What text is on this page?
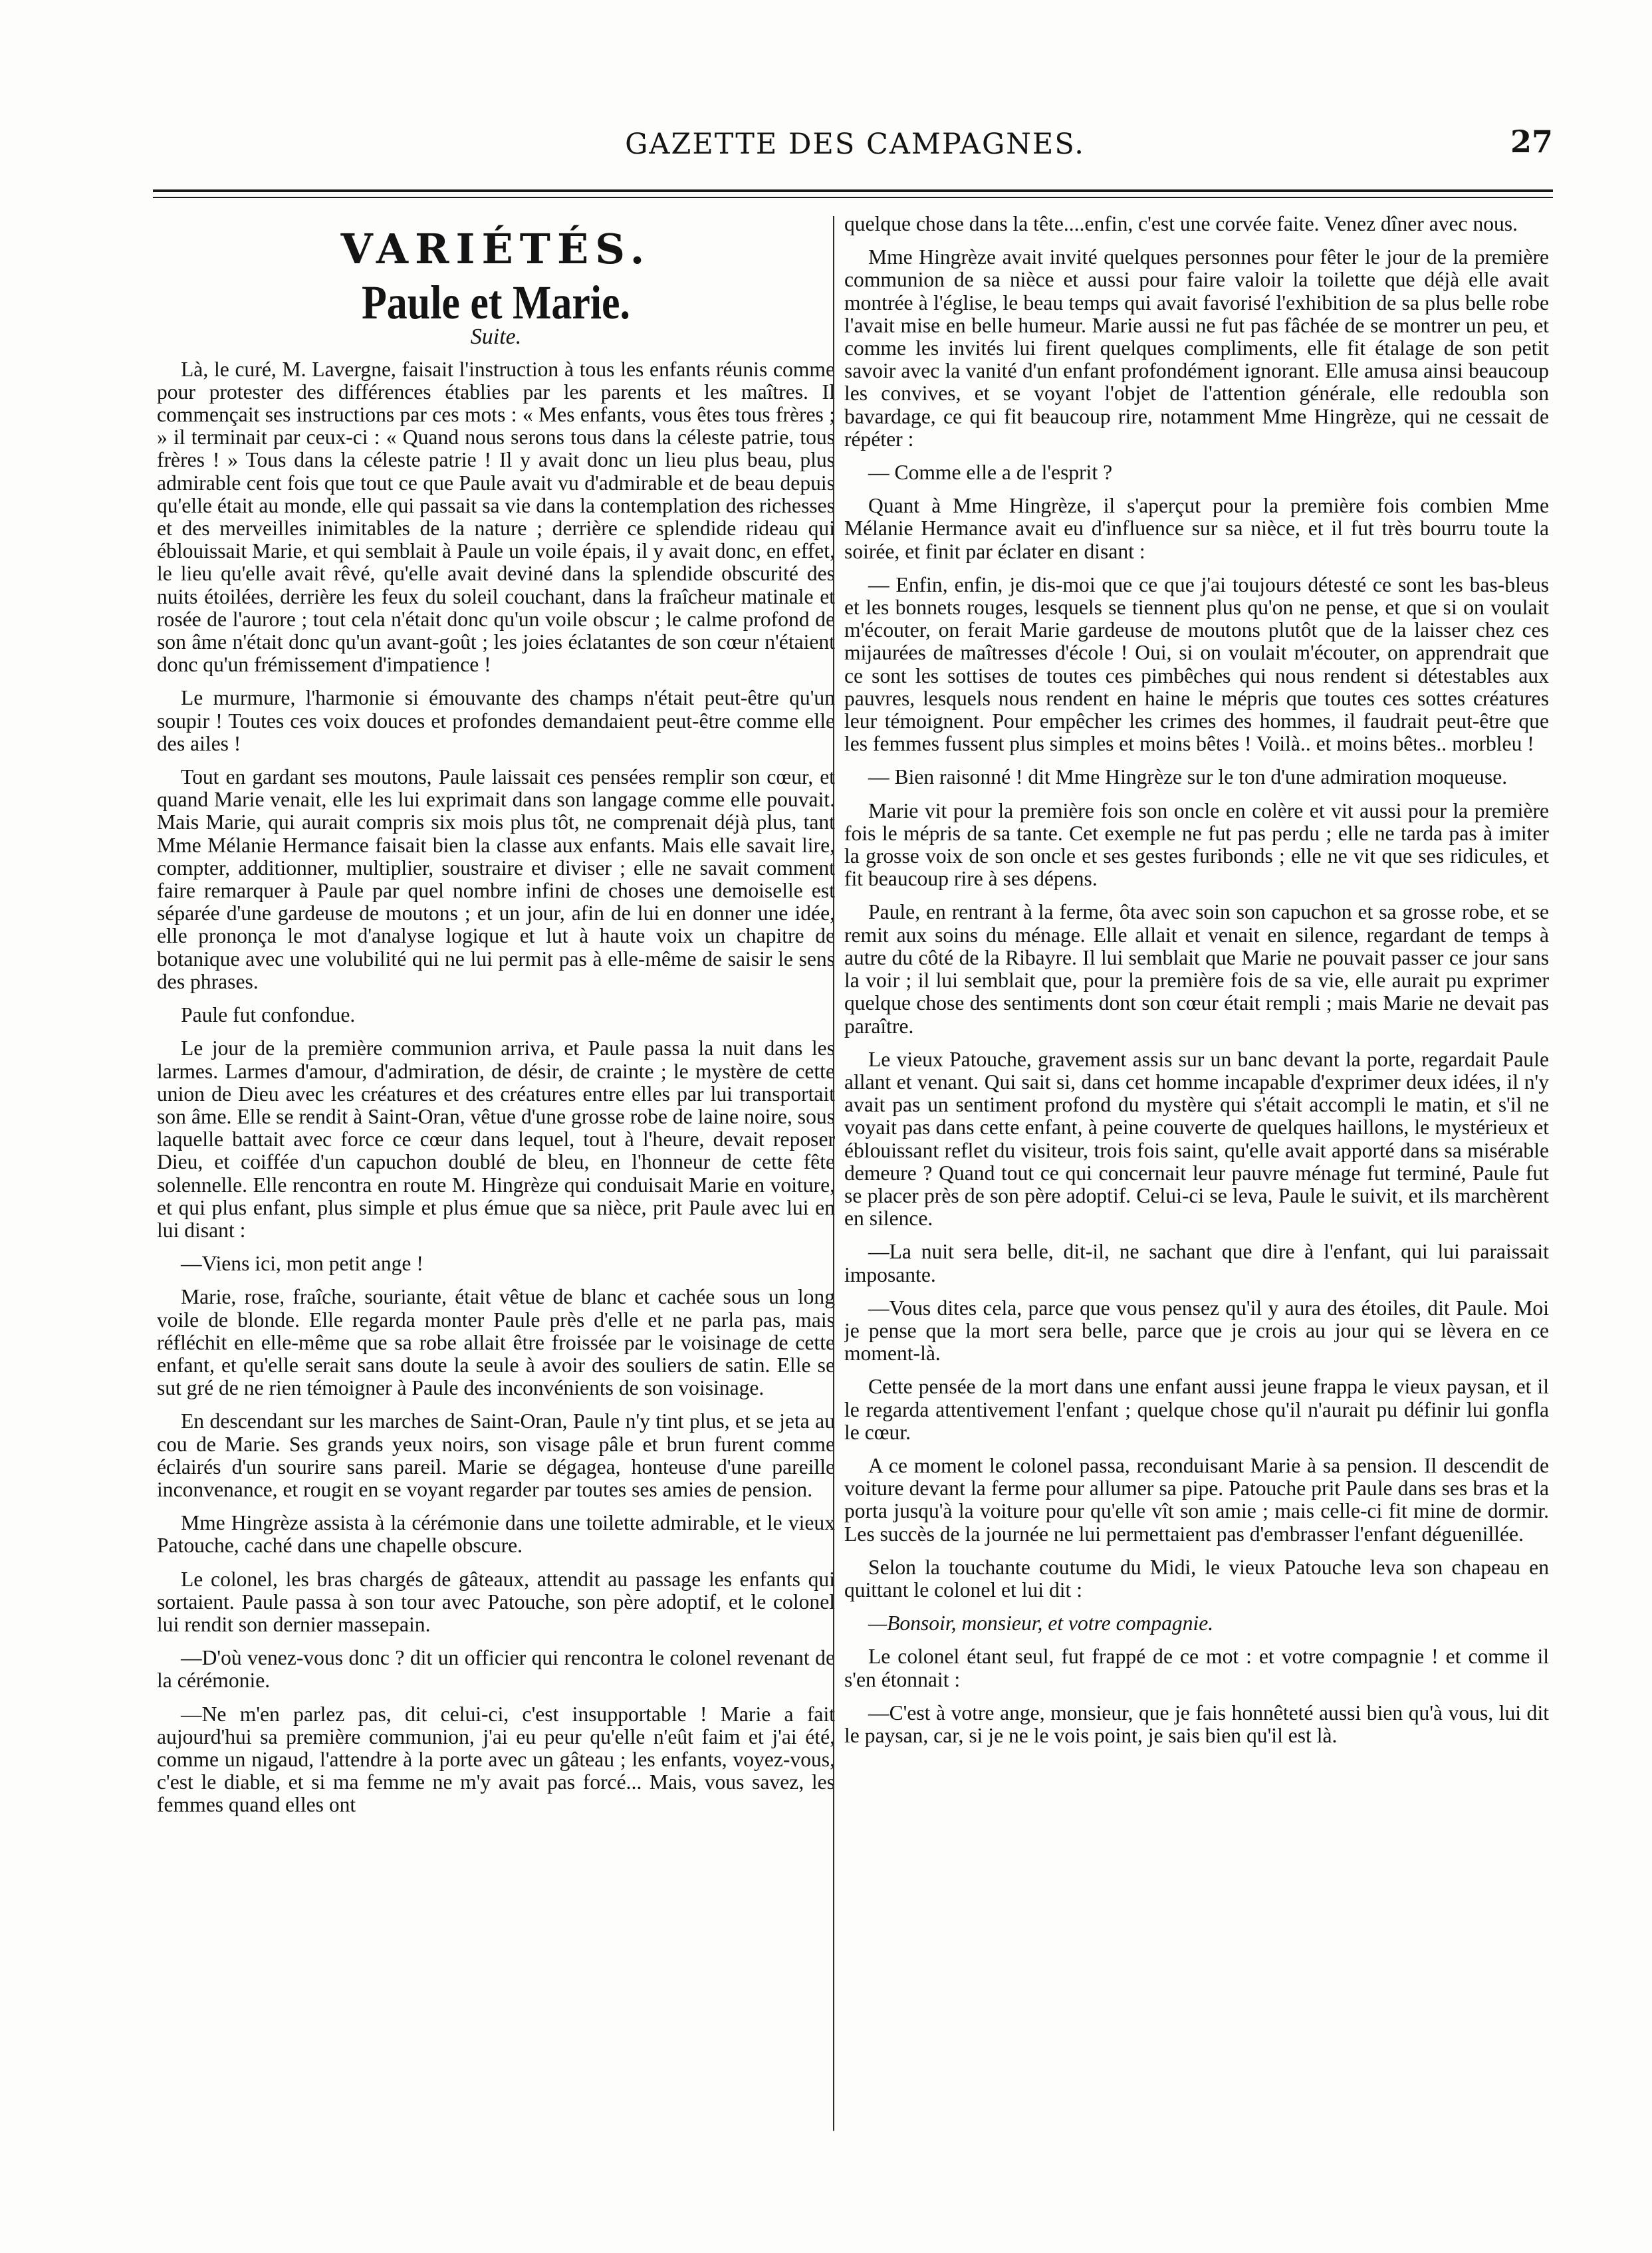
GAZETTE DES CAMPAGNES.	27
VARIÉTÉS.
Paule et Marie.
Suite.

Là, le curé, M. Lavergne, faisait l'instruction à tous les enfants réunis comme pour protester des différences établies par les parents et les maîtres. Il commençait ses instructions par ces mots : « Mes enfants, vous êtes tous frères ; » il terminait par ceux-ci : « Quand nous serons tous dans la céleste patrie, tous frères ! » Tous dans la céleste patrie ! Il y avait donc un lieu plus beau, plus admirable cent fois que tout ce que Paule avait vu d'admirable et de beau depuis qu'elle était au monde, elle qui passait sa vie dans la contemplation des richesses et des merveilles inimitables de la nature ; derrière ce splendide rideau qui éblouissait Marie, et qui semblait à Paule un voile épais, il y avait donc, en effet, le lieu qu'elle avait rêvé, qu'elle avait deviné dans la splendide obscurité des nuits étoilées, derrière les feux du soleil couchant, dans la fraîcheur matinale et rosée de l'aurore ; tout cela n'était donc qu'un voile obscur ; le calme profond de son âme n'était donc qu'un avant-goût ; les joies éclatantes de son cœur n'étaient donc qu'un frémissement d'impatience !

Le murmure, l'harmonie si émouvante des champs n'était peut-être qu'un soupir ! Toutes ces voix douces et profondes demandaient peut-être comme elle des ailes !

Tout en gardant ses moutons, Paule laissait ces pensées remplir son cœur, et quand Marie venait, elle les lui exprimait dans son langage comme elle pouvait. Mais Marie, qui aurait compris six mois plus tôt, ne comprenait déjà plus, tant Mme Mélanie Hermance faisait bien la classe aux enfants. Mais elle savait lire, compter, additionner, multiplier, soustraire et diviser ; elle ne savait comment faire remarquer à Paule par quel nombre infini de choses une demoiselle est séparée d'une gardeuse de moutons ; et un jour, afin de lui en donner une idée, elle prononça le mot d'analyse logique et lut à haute voix un chapitre de botanique avec une volubilité qui ne lui permit pas à elle-même de saisir le sens des phrases.

Paule fut confondue.

Le jour de la première communion arriva, et Paule passa la nuit dans les larmes. Larmes d'amour, d'admiration, de désir, de crainte ; le mystère de cette union de Dieu avec les créatures et des créatures entre elles par lui transportait son âme. Elle se rendit à Saint-Oran, vêtue d'une grosse robe de laine noire, sous laquelle battait avec force ce cœur dans lequel, tout à l'heure, devait reposer Dieu, et coiffée d'un capuchon doublé de bleu, en l'honneur de cette fête solennelle. Elle rencontra en route M. Hingrèze qui conduisait Marie en voiture, et qui plus enfant, plus simple et plus émue que sa nièce, prit Paule avec lui en lui disant :

—Viens ici, mon petit ange !

Marie, rose, fraîche, souriante, était vêtue de blanc et cachée sous un long voile de blonde. Elle regarda monter Paule près d'elle et ne parla pas, mais réfléchit en elle-même que sa robe allait être froissée par le voisinage de cette enfant, et qu'elle serait sans doute la seule à avoir des souliers de satin. Elle se sut gré de ne rien témoigner à Paule des inconvénients de son voisinage.

En descendant sur les marches de Saint-Oran, Paule n'y tint plus, et se jeta au cou de Marie. Ses grands yeux noirs, son visage pâle et brun furent comme éclairés d'un sourire sans pareil. Marie se dégagea, honteuse d'une pareille inconvenance, et rougit en se voyant regarder par toutes ses amies de pension.

Mme Hingrèze assista à la cérémonie dans une toilette admirable, et le vieux Patouche, caché dans une chapelle obscure.

Le colonel, les bras chargés de gâteaux, attendit au passage les enfants qui sortaient. Paule passa à son tour avec Patouche, son père adoptif, et le colonel lui rendit son dernier massepain.

—D'où venez-vous donc ? dit un officier qui rencontra le colonel revenant de la cérémonie.

—Ne m'en parlez pas, dit celui-ci, c'est insupportable ! Marie a fait aujourd'hui sa première communion, j'ai eu peur qu'elle n'eût faim et j'ai été, comme un nigaud, l'attendre à la porte avec un gâteau ; les enfants, voyez-vous, c'est le diable, et si ma femme ne m'y avait pas forcé... Mais, vous savez, les femmes quand elles ont

quelque chose dans la tête....enfin, c'est une corvée faite. Venez dîner avec nous.

Mme Hingrèze avait invité quelques personnes pour fêter le jour de la première communion de sa nièce et aussi pour faire valoir la toilette que déjà elle avait montrée à l'église, le beau temps qui avait favorisé l'exhibition de sa plus belle robe l'avait mise en belle humeur. Marie aussi ne fut pas fâchée de se montrer un peu, et comme les invités lui firent quelques compliments, elle fit étalage de son petit savoir avec la vanité d'un enfant profondément ignorant. Elle amusa ainsi beaucoup les convives, et se voyant l'objet de l'attention générale, elle redoubla son bavardage, ce qui fit beaucoup rire, notamment Mme Hingrèze, qui ne cessait de répéter :

— Comme elle a de l'esprit ?

Quant à Mme Hingrèze, il s'aperçut pour la première fois combien Mme Mélanie Hermance avait eu d'influence sur sa nièce, et il fut très bourru toute la soirée, et finit par éclater en disant :

— Enfin, enfin, je dis-moi que ce que j'ai toujours détesté ce sont les bas-bleus et les bonnets rouges, lesquels se tiennent plus qu'on ne pense, et que si on voulait m'écouter, on ferait Marie gardeuse de moutons plutôt que de la laisser chez ces mijaurées de maîtresses d'école ! Oui, si on voulait m'écouter, on apprendrait que ce sont les sottises de toutes ces pimbêches qui nous rendent si détestables aux pauvres, lesquels nous rendent en haine le mépris que toutes ces sottes créatures leur témoignent. Pour empêcher les crimes des hommes, il faudrait peut-être que les femmes fussent plus simples et moins bêtes ! Voilà.. et moins bêtes.. morbleu !

— Bien raisonné ! dit Mme Hingrèze sur le ton d'une admiration moqueuse.

Marie vit pour la première fois son oncle en colère et vit aussi pour la première fois le mépris de sa tante. Cet exemple ne fut pas perdu ; elle ne tarda pas à imiter la grosse voix de son oncle et ses gestes furibonds ; elle ne vit que ses ridicules, et fit beaucoup rire à ses dépens.

Paule, en rentrant à la ferme, ôta avec soin son capuchon et sa grosse robe, et se remit aux soins du ménage. Elle allait et venait en silence, regardant de temps à autre du côté de la Ribayre. Il lui semblait que Marie ne pouvait passer ce jour sans la voir ; il lui semblait que, pour la première fois de sa vie, elle aurait pu exprimer quelque chose des sentiments dont son cœur était rempli ; mais Marie ne devait pas paraître.

Le vieux Patouche, gravement assis sur un banc devant la porte, regardait Paule allant et venant. Qui sait si, dans cet homme incapable d'exprimer deux idées, il n'y avait pas un sentiment profond du mystère qui s'était accompli le matin, et s'il ne voyait pas dans cette enfant, à peine couverte de quelques haillons, le mystérieux et éblouissant reflet du visiteur, trois fois saint, qu'elle avait apporté dans sa misérable demeure ? Quand tout ce qui concernait leur pauvre ménage fut terminé, Paule fut se placer près de son père adoptif. Celui-ci se leva, Paule le suivit, et ils marchèrent en silence.

—La nuit sera belle, dit-il, ne sachant que dire à l'enfant, qui lui paraissait imposante.

—Vous dites cela, parce que vous pensez qu'il y aura des étoiles, dit Paule. Moi je pense que la mort sera belle, parce que je crois au jour qui se lèvera en ce moment-là.

Cette pensée de la mort dans une enfant aussi jeune frappa le vieux paysan, et il le regarda attentivement l'enfant ; quelque chose qu'il n'aurait pu définir lui gonfla le cœur.

A ce moment le colonel passa, reconduisant Marie à sa pension. Il descendit de voiture devant la ferme pour allumer sa pipe. Patouche prit Paule dans ses bras et la porta jusqu'à la voiture pour qu'elle vît son amie ; mais celle-ci fit mine de dormir. Les succès de la journée ne lui permettaient pas d'embrasser l'enfant déguenillée.

Selon la touchante coutume du Midi, le vieux Patouche leva son chapeau en quittant le colonel et lui dit :

—Bonsoir, monsieur, et votre compagnie.

Le colonel étant seul, fut frappé de ce mot : et votre compagnie ! et comme il s'en étonnait :

—C'est à votre ange, monsieur, que je fais honnêteté aussi bien qu'à vous, lui dit le paysan, car, si je ne le vois point, je sais bien qu'il est là.
